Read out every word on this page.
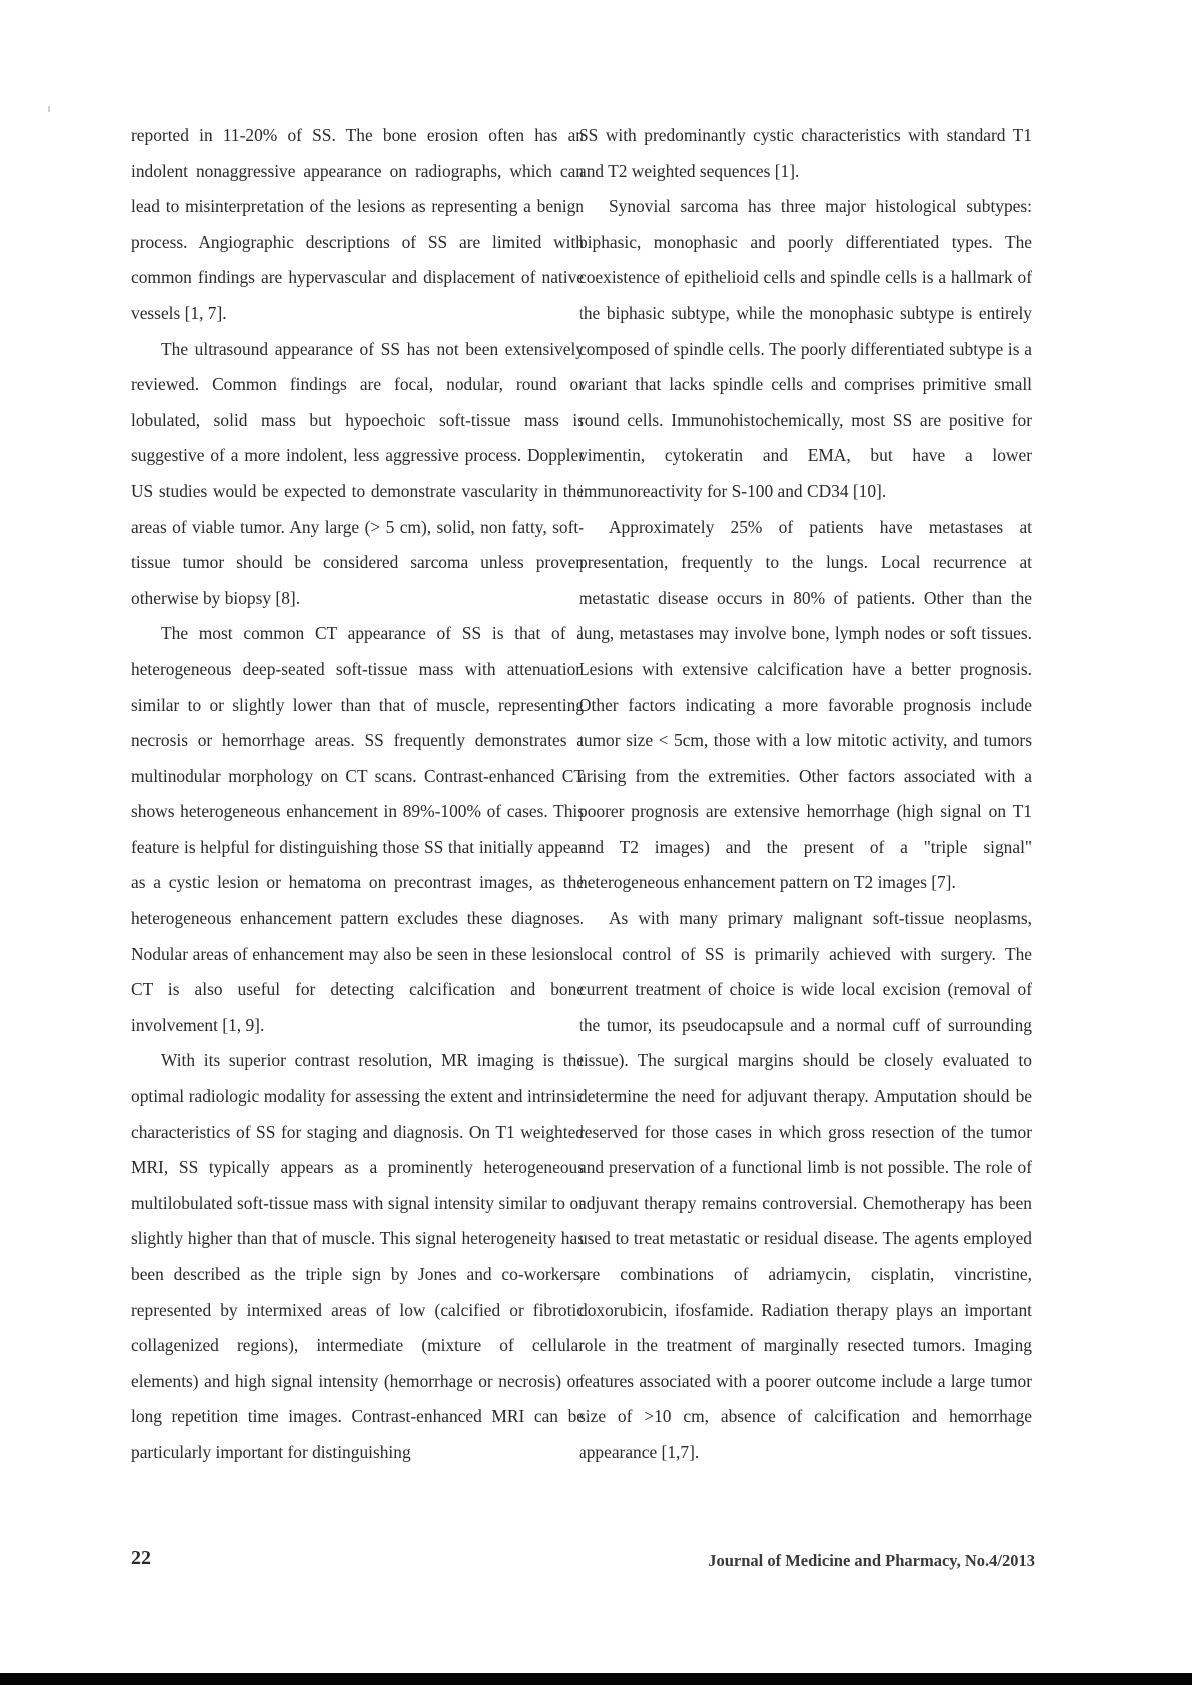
reported in 11-20% of SS. The bone erosion often has an indolent nonaggressive appearance on radiographs, which can lead to misinterpretation of the lesions as representing a benign process. Angiographic descriptions of SS are limited with common findings are hypervascular and displacement of native vessels [1, 7].

The ultrasound appearance of SS has not been extensively reviewed. Common findings are focal, nodular, round or lobulated, solid mass but hypoechoic soft-tissue mass is suggestive of a more indolent, less aggressive process. Doppler US studies would be expected to demonstrate vascularity in the areas of viable tumor. Any large (> 5 cm), solid, non fatty, soft-tissue tumor should be considered sarcoma unless proven otherwise by biopsy [8].

The most common CT appearance of SS is that of a heterogeneous deep-seated soft-tissue mass with attenuation similar to or slightly lower than that of muscle, representing necrosis or hemorrhage areas. SS frequently demonstrates a multinodular morphology on CT scans. Contrast-enhanced CT shows heterogeneous enhancement in 89%-100% of cases. This feature is helpful for distinguishing those SS that initially appear as a cystic lesion or hematoma on precontrast images, as the heterogeneous enhancement pattern excludes these diagnoses. Nodular areas of enhancement may also be seen in these lesions. CT is also useful for detecting calcification and bone involvement [1, 9].

With its superior contrast resolution, MR imaging is the optimal radiologic modality for assessing the extent and intrinsic characteristics of SS for staging and diagnosis. On T1 weighted MRI, SS typically appears as a prominently heterogeneous multilobulated soft-tissue mass with signal intensity similar to or slightly higher than that of muscle. This signal heterogeneity has been described as the triple sign by Jones and co-workers, represented by intermixed areas of low (calcified or fibrotic collagenized regions), intermediate (mixture of cellular elements) and high signal intensity (hemorrhage or necrosis) on long repetition time images. Contrast-enhanced MRI can be particularly important for distinguishing

SS with predominantly cystic characteristics with standard T1 and T2 weighted sequences [1].

Synovial sarcoma has three major histological subtypes: biphasic, monophasic and poorly differentiated types. The coexistence of epithelioid cells and spindle cells is a hallmark of the biphasic subtype, while the monophasic subtype is entirely composed of spindle cells. The poorly differentiated subtype is a variant that lacks spindle cells and comprises primitive small round cells. Immunohistochemically, most SS are positive for vimentin, cytokeratin and EMA, but have a lower immunoreactivity for S-100 and CD34 [10].

Approximately 25% of patients have metastases at presentation, frequently to the lungs. Local recurrence at metastatic disease occurs in 80% of patients. Other than the lung, metastases may involve bone, lymph nodes or soft tissues. Lesions with extensive calcification have a better prognosis. Other factors indicating a more favorable prognosis include tumor size < 5cm, those with a low mitotic activity, and tumors arising from the extremities. Other factors associated with a poorer prognosis are extensive hemorrhage (high signal on T1 and T2 images) and the present of a "triple signal" heterogeneous enhancement pattern on T2 images [7].

As with many primary malignant soft-tissue neoplasms, local control of SS is primarily achieved with surgery. The current treatment of choice is wide local excision (removal of the tumor, its pseudocapsule and a normal cuff of surrounding tissue). The surgical margins should be closely evaluated to determine the need for adjuvant therapy. Amputation should be reserved for those cases in which gross resection of the tumor and preservation of a functional limb is not possible. The role of adjuvant therapy remains controversial. Chemotherapy has been used to treat metastatic or residual disease. The agents employed are combinations of adriamycin, cisplatin, vincristine, doxorubicin, ifosfamide. Radiation therapy plays an important role in the treatment of marginally resected tumors. Imaging features associated with a poorer outcome include a large tumor size of >10 cm, absence of calcification and hemorrhage appearance [1,7].

22	Journal of Medicine and Pharmacy, No.4/2013
